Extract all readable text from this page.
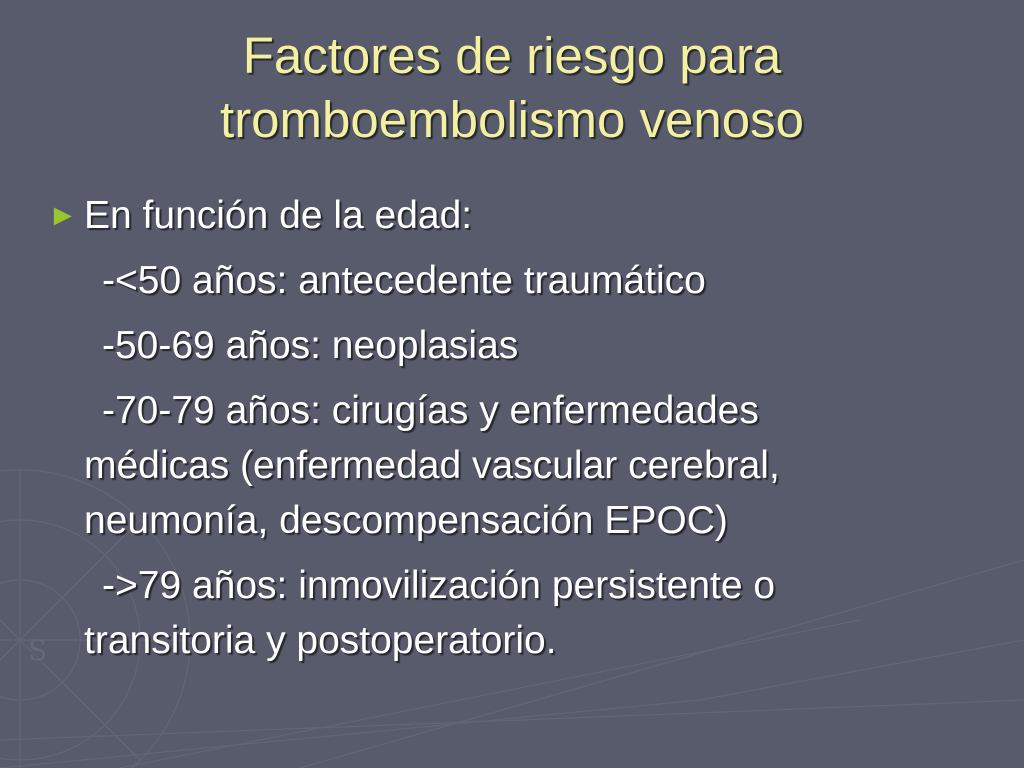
S
Factores de riesgo para
tromboembolismo venoso
► En función de la edad:
-<50 años: antecedente traumático
-50-69 años: neoplasias
-70-79 años: cirugías y enfermedades
médicas (enfermedad vascular cerebral,
neumonía, descompensación EPOC)
->79 años: inmovilización persistente o
transitoria y postoperatorio.
